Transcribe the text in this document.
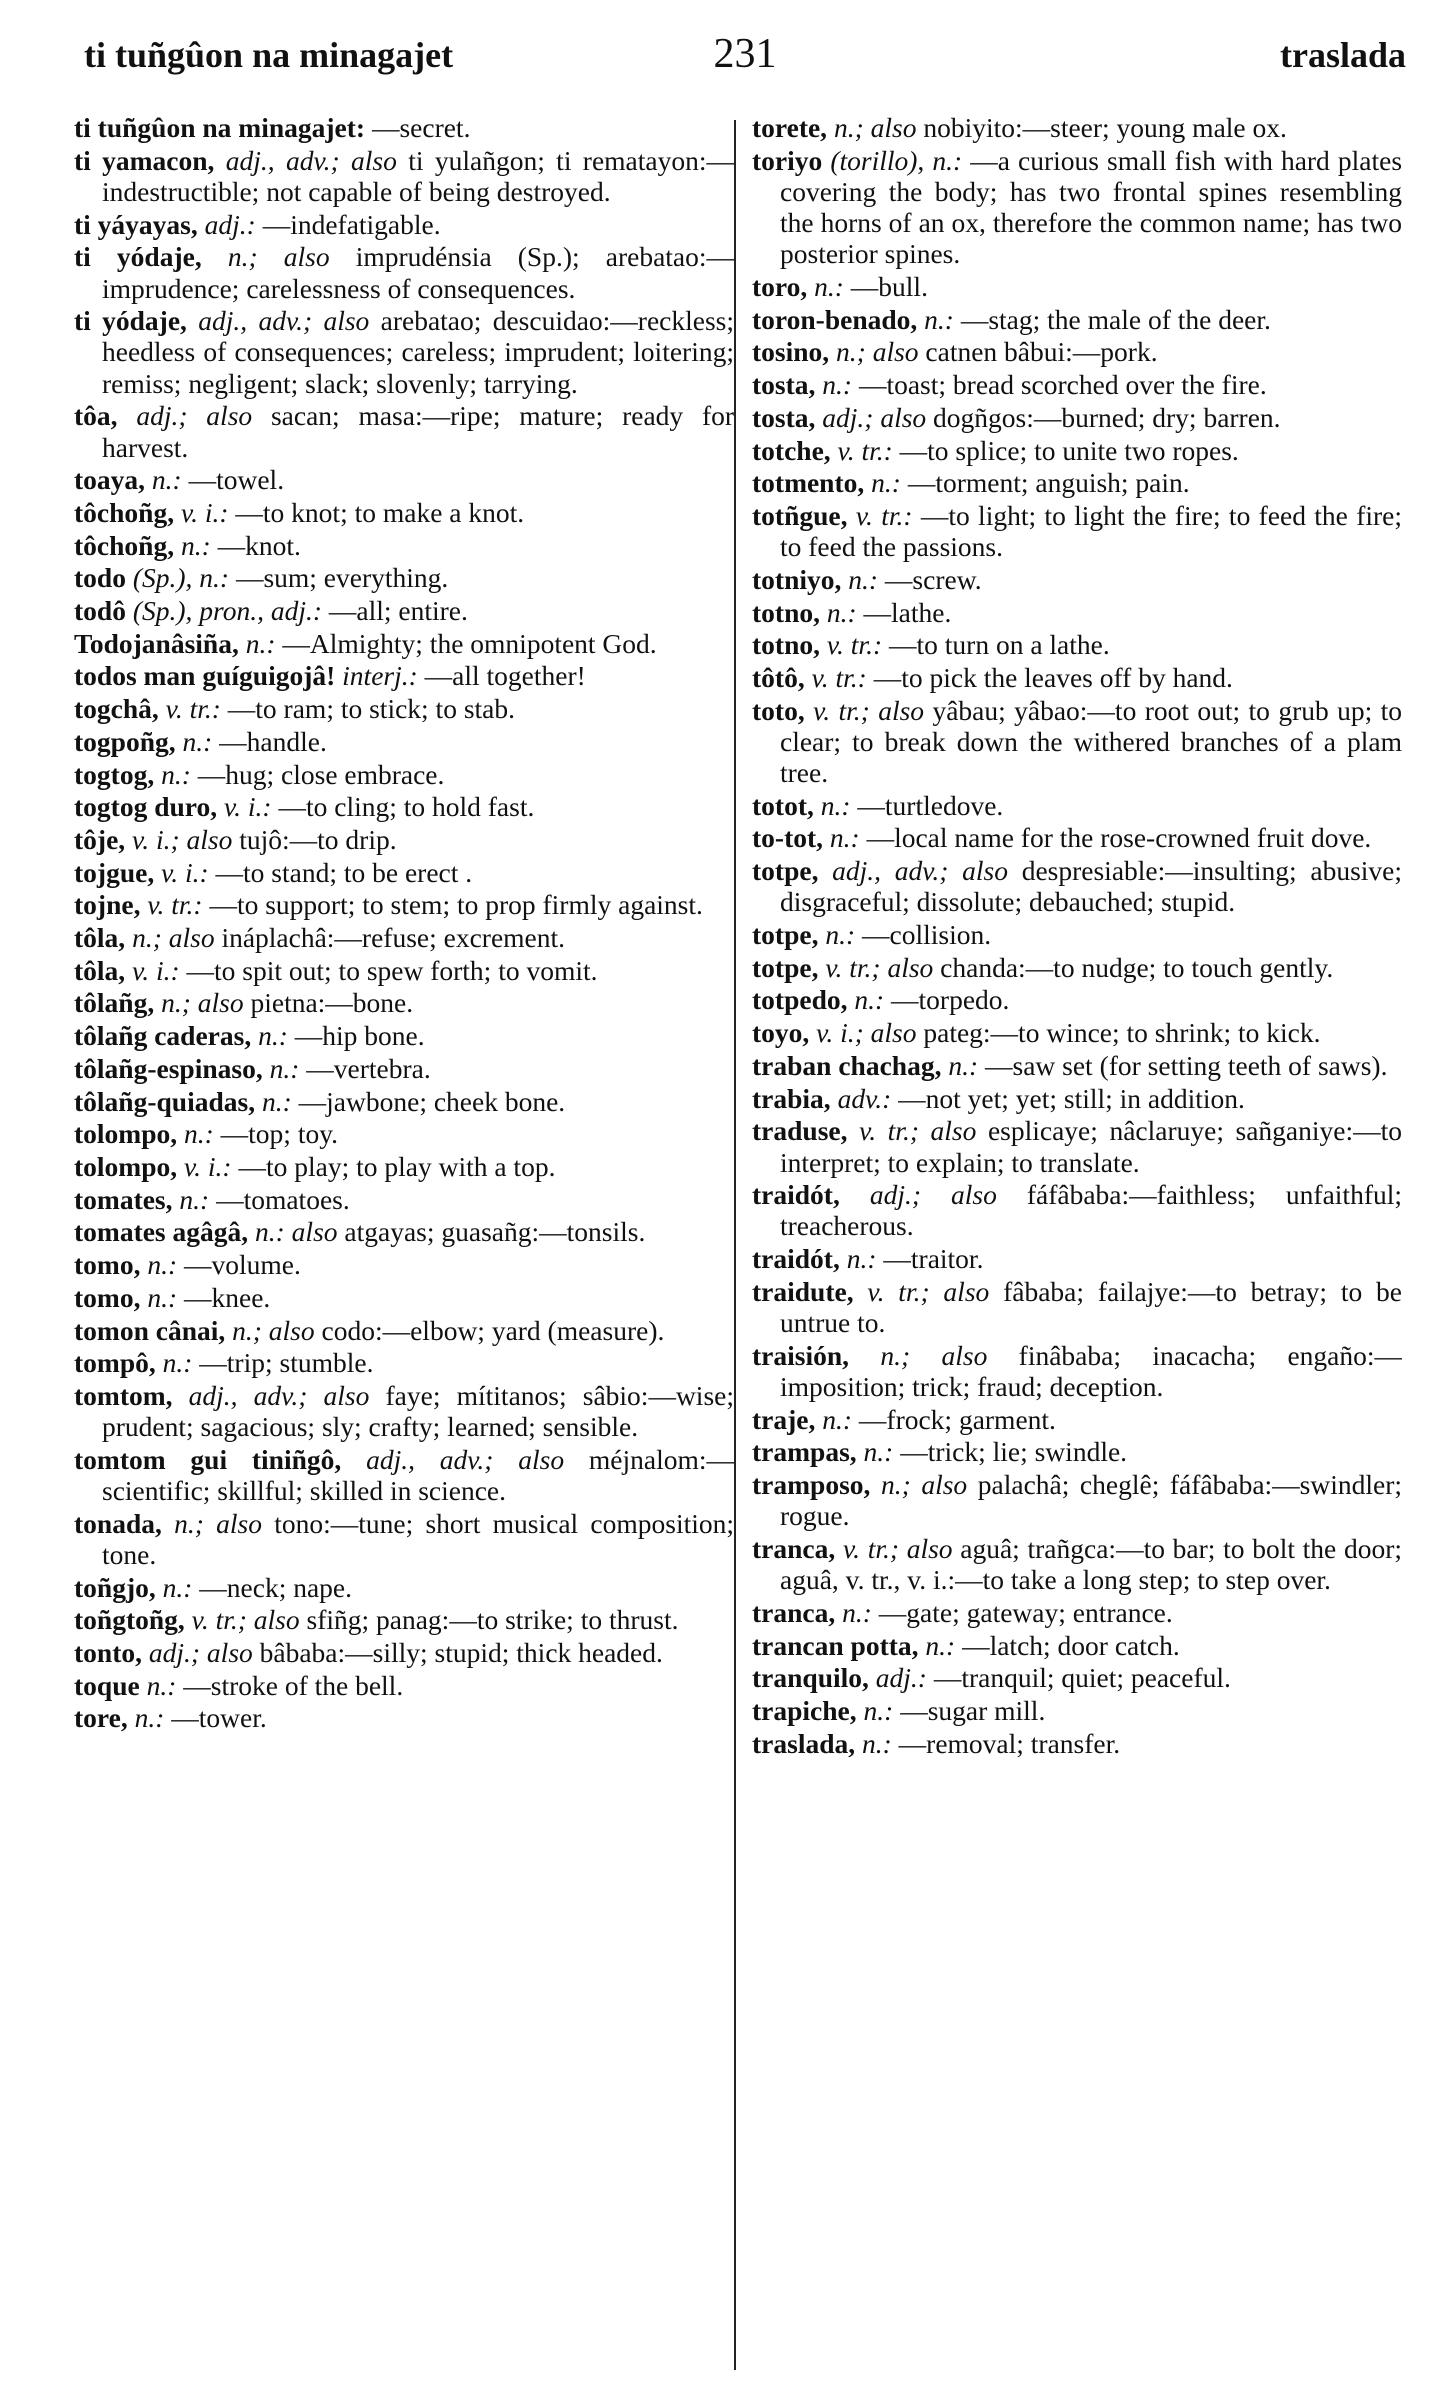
ti tuñgûon na minagajet	231	traslada

ti tuñgûon na minagajet: —secret.

ti yamacon, adj., adv.; also ti yulañgon; ti rematayon:—indestructible; not capable of being destroyed.

ti yáyayas, adj.: —indefatigable.

ti yódaje, n.; also imprudénsia (Sp.); arebatao:—imprudence; carelessness of consequences.

ti yódaje, adj., adv.; also arebatao; descuidao:—reckless; heedless of consequences; careless; imprudent; loitering; remiss; negligent; slack; slovenly; tarrying.

tôa, adj.; also sacan; masa:—ripe; mature; ready for harvest.

toaya, n.: —towel.

tôchoñg, v. i.: —to knot; to make a knot.

tôchoñg, n.: —knot.

todo (Sp.), n.: —sum; everything.

todô (Sp.), pron., adj.: —all; entire.

Todojanâsiña, n.: —Almighty; the omnipotent God.

todos man guíguigojâ! interj.: —all together!

togchâ, v. tr.: —to ram; to stick; to stab.

togpoñg, n.: —handle.

togtog, n.: —hug; close embrace.

togtog duro, v. i.: —to cling; to hold fast.

tôje, v. i.; also tujô:—to drip.

tojgue, v. i.: —to stand; to be erect .

tojne, v. tr.: —to support; to stem; to prop firmly against.

tôla, n.; also ináplachâ:—refuse; excrement.

tôla, v. i.: —to spit out; to spew forth; to vomit.

tôlañg, n.; also pietna:—bone.

tôlañg caderas, n.: —hip bone.

tôlañg-espinaso, n.: —vertebra.

tôlañg-quiadas, n.: —jawbone; cheek bone.

tolompo, n.: —top; toy.

tolompo, v. i.: —to play; to play with a top.

tomates, n.: —tomatoes.

tomates agâgâ, n.: also atgayas; guasañg:—tonsils.

tomo, n.: —volume.

tomo, n.: —knee.

tomon cânai, n.; also codo:—elbow; yard (measure).

tompô, n.: —trip; stumble.

tomtom, adj., adv.; also faye; mítitanos; sâbio:—wise; prudent; sagacious; sly; crafty; learned; sensible.

tomtom gui tiniñgô, adj., adv.; also méjnalom:—scientific; skillful; skilled in science.

tonada, n.; also tono:—tune; short musical composition; tone.

toñgjo, n.: —neck; nape.

toñgtoñg, v. tr.; also sfiñg; panag:—to strike; to thrust.

tonto, adj.; also bâbaba:—silly; stupid; thick headed.

toque n.: —stroke of the bell.

tore, n.: —tower.

torete, n.; also nobiyito:—steer; young male ox.

toriyo (torillo), n.: —a curious small fish with hard plates covering the body; has two frontal spines resembling the horns of an ox, therefore the common name; has two posterior spines.

toro, n.: —bull.

toron-benado, n.: —stag; the male of the deer.

tosino, n.; also catnen bâbui:—pork.

tosta, n.: —toast; bread scorched over the fire.

tosta, adj.; also dogñgos:—burned; dry; barren.

totche, v. tr.: —to splice; to unite two ropes.

totmento, n.: —torment; anguish; pain.

totñgue, v. tr.: —to light; to light the fire; to feed the fire; to feed the passions.

totniyo, n.: —screw.

totno, n.: —lathe.

totno, v. tr.: —to turn on a lathe.

tôtô, v. tr.: —to pick the leaves off by hand.

toto, v. tr.; also yâbau; yâbao:—to root out; to grub up; to clear; to break down the withered branches of a plam tree.

totot, n.: —turtledove.

to-tot, n.: —local name for the rose-crowned fruit dove.

totpe, adj., adv.; also despresiable:—insulting; abusive; disgraceful; dissolute; debauched; stupid.

totpe, n.: —collision.

totpe, v. tr.; also chanda:—to nudge; to touch gently.

totpedo, n.: —torpedo.

toyo, v. i.; also pateg:—to wince; to shrink; to kick.

traban chachag, n.: —saw set (for setting teeth of saws).

trabia, adv.: —not yet; yet; still; in addition.

traduse, v. tr.; also esplicaye; nâclaruye; sañganiye:—to interpret; to explain; to translate.

traidót, adj.; also fáfâbaba:—faithless; unfaithful; treacherous.

traidót, n.: —traitor.

traidute, v. tr.; also fâbaba; failajye:—to betray; to be untrue to.

traisión, n.; also finâbaba; inacacha; engaño:—imposition; trick; fraud; deception.

traje, n.: —frock; garment.

trampas, n.: —trick; lie; swindle.

tramposo, n.; also palachâ; cheglê; fáfâbaba:—swindler; rogue.

tranca, v. tr.; also aguâ; trañgca:—to bar; to bolt the door; aguâ, v. tr., v. i.:—to take a long step; to step over.

tranca, n.: —gate; gateway; entrance.

trancan potta, n.: —latch; door catch.

tranquilo, adj.: —tranquil; quiet; peaceful.

trapiche, n.: —sugar mill.

traslada, n.: —removal; transfer.
